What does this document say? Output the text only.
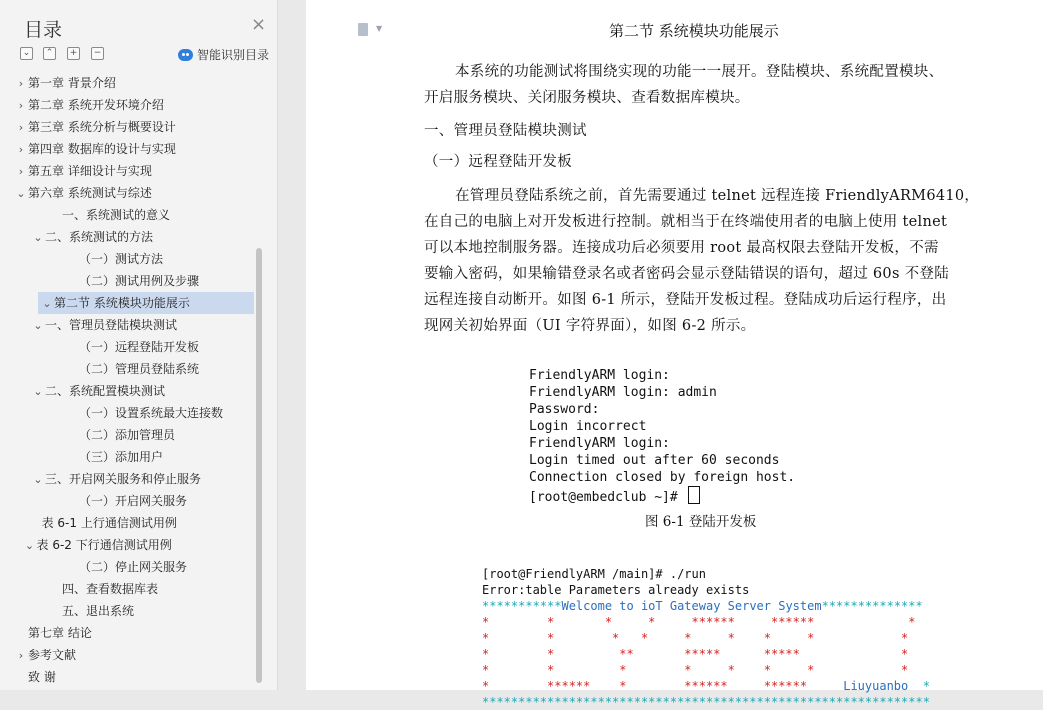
目录	×
⌄	⌃	+	−	智能识别目录
› 第一章 背景介绍
› 第二章 系统开发环境介绍
› 第三章 系统分析与概要设计
› 第四章 数据库的设计与实现
› 第五章 详细设计与实现
⌄ 第六章 系统测试与综述
一、系统测试的意义
⌄ 二、系统测试的方法
（一）测试方法
（二）测试用例及步骤
⌄ 第二节 系统模块功能展示
⌄ 一、管理员登陆模块测试
（一）远程登陆开发板
（二）管理员登陆系统
⌄ 二、系统配置模块测试
（一）设置系统最大连接数
（二）添加管理员
（三）添加用户
⌄ 三、开启网关服务和停止服务
（一）开启网关服务
表 6-1 上行通信测试用例
⌄ 表 6-2 下行通信测试用例
（二）停止网关服务
四、查看数据库表
五、退出系统
第七章 结论
› 参考文献
致 谢
▼	第二节 系统模块功能展示
本系统的功能测试将围绕实现的功能一一展开。登陆模块、系统配置模块、
开启服务模块、关闭服务模块、查看数据库模块。
一、管理员登陆模块测试
（一）远程登陆开发板
在管理员登陆系统之前，首先需要通过 telnet 远程连接 FriendlyARM6410，
在自己的电脑上对开发板进行控制。就相当于在终端使用者的电脑上使用 telnet
可以本地控制服务器。连接成功后必须要用 root 最高权限去登陆开发板，不需
要输入密码，如果输错登录名或者密码会显示登陆错误的语句，超过 60s 不登陆
远程连接自动断开。如图 6-1 所示，登陆开发板过程。登陆成功后运行程序，出
现网关初始界面（UI 字符界面），如图 6-2 所示。

FriendlyARM login:
FriendlyARM login: admin
Password:
Login incorrect
FriendlyARM login:
Login timed out after 60 seconds
Connection closed by foreign host.
[root@embedclub ~]#
图 6-1 登陆开发板

[root@FriendlyARM /main]# ./run
Error:table Parameters already exists
***********Welcome to ioT Gateway Server System**************
*        *       *     *     ******     ******             *
*        *        *   *     *     *    *     *            *
*        *         **       *****      *****              *
*        *         *        *     *    *     *            *
*        ******    *        ******     ******     Liuyuanbo  *
**************************************************************
